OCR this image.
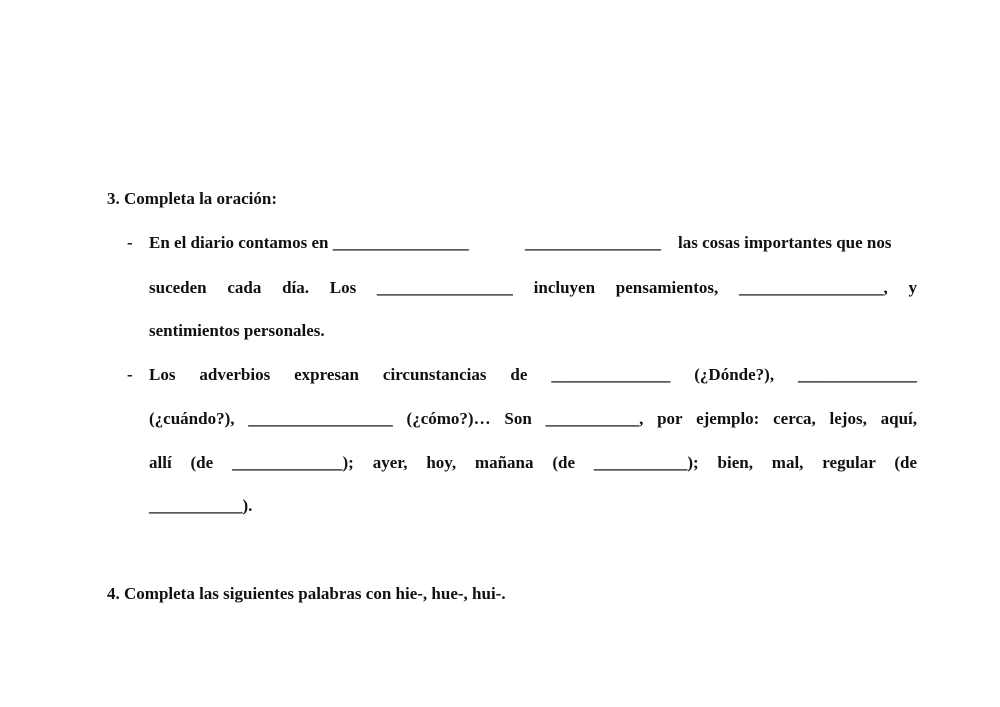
3. Completa la oración:
- En el diario contamos en ________________	________________ las cosas importantes que nos
suceden cada día. Los ________________ incluyen pensamientos, _________________, y
sentimientos personales.
- Los adverbios expresan circunstancias de ______________ (¿Dónde?), ______________
(¿cuándo?), _________________ (¿cómo?)… Son ___________, por ejemplo: cerca, lejos, aquí,
allí (de _____________); ayer, hoy, mañana (de ___________); bien, mal, regular (de
___________).
4. Completa las siguientes palabras con hie-, hue-, hui-.
